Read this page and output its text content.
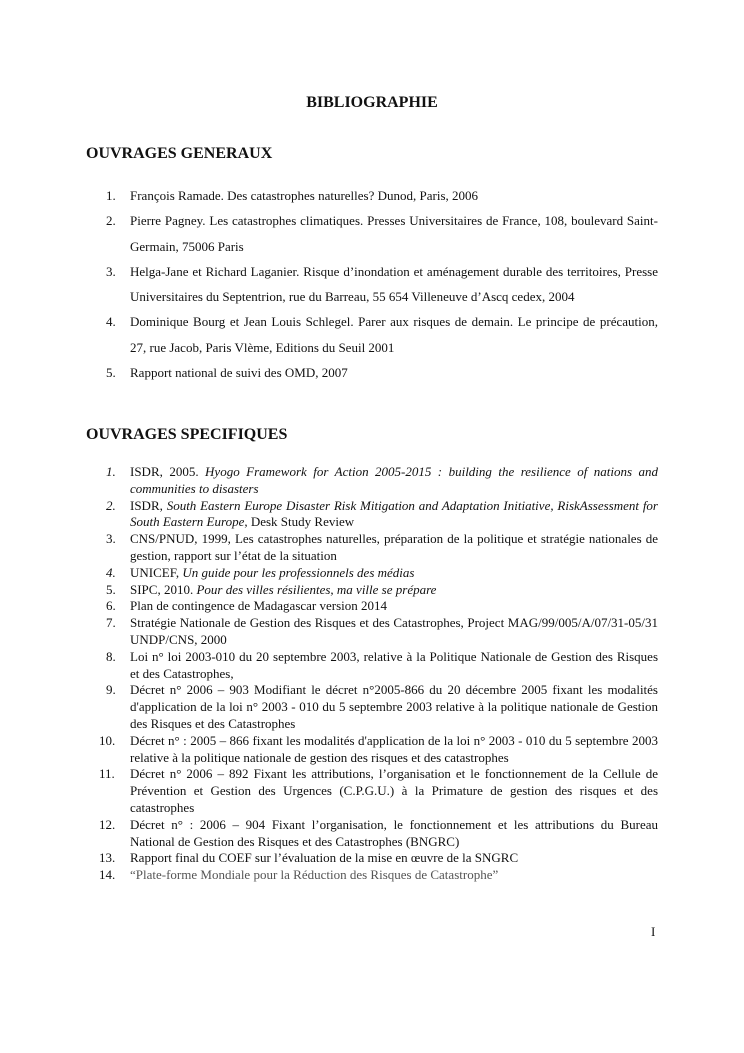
BIBLIOGRAPHIE
OUVRAGES GENERAUX
1.	François Ramade. Des catastrophes naturelles? Dunod, Paris, 2006
2.	Pierre Pagney. Les catastrophes climatiques. Presses Universitaires de France, 108, boulevard Saint-Germain, 75006 Paris
3.	Helga-Jane et Richard Laganier. Risque d’inondation et aménagement durable des territoires, Presse Universitaires du Septentrion, rue du Barreau, 55 654 Villeneuve d’Ascq cedex, 2004
4.	Dominique Bourg et Jean Louis Schlegel. Parer aux risques de demain. Le principe de précaution, 27, rue Jacob, Paris Vlème, Editions du Seuil 2001
5.	Rapport national de suivi des OMD, 2007
OUVRAGES SPECIFIQUES
1.	ISDR, 2005. Hyogo Framework for Action 2005-2015 : building the resilience of nations and communities to disasters
2.	ISDR, South Eastern Europe Disaster Risk Mitigation and Adaptation Initiative, RiskAssessment for South Eastern Europe, Desk Study Review
3.	CNS/PNUD, 1999, Les catastrophes naturelles, préparation de la politique et stratégie nationales de gestion, rapport sur l’état de la situation
4.	UNICEF, Un guide pour les professionnels des médias
5.	SIPC, 2010. Pour des villes résilientes, ma ville se prépare
6.	Plan de contingence de Madagascar version 2014
7.	Stratégie Nationale de Gestion des Risques et des Catastrophes, Project MAG/99/005/A/07/31-05/31 UNDP/CNS, 2000
8.	Loi n° loi 2003-010 du 20 septembre 2003, relative à la Politique Nationale de Gestion des Risques et des Catastrophes,
9.	Décret n° 2006 – 903 Modifiant le décret n°2005-866 du 20 décembre 2005 fixant les modalités d'application de la loi n° 2003 - 010 du 5 septembre 2003 relative à la politique nationale de Gestion des Risques et des Catastrophes
10.	Décret n° : 2005 – 866 fixant les modalités d'application de la loi n° 2003 - 010 du 5 septembre 2003 relative à la politique nationale de gestion des risques et des catastrophes
11.	Décret n° 2006 – 892 Fixant les attributions, l’organisation et le fonctionnement de la Cellule de Prévention et Gestion des Urgences (C.P.G.U.) à la Primature de gestion des risques et des catastrophes
12.	Décret n° : 2006 – 904 Fixant l’organisation, le fonctionnement et les attributions du Bureau National de Gestion des Risques et des Catastrophes (BNGRC)
13.	Rapport final du COEF sur l’évaluation de la mise en œuvre de la SNGRC
14.	“Plate-forme Mondiale pour la Réduction des Risques de Catastrophe”
I
